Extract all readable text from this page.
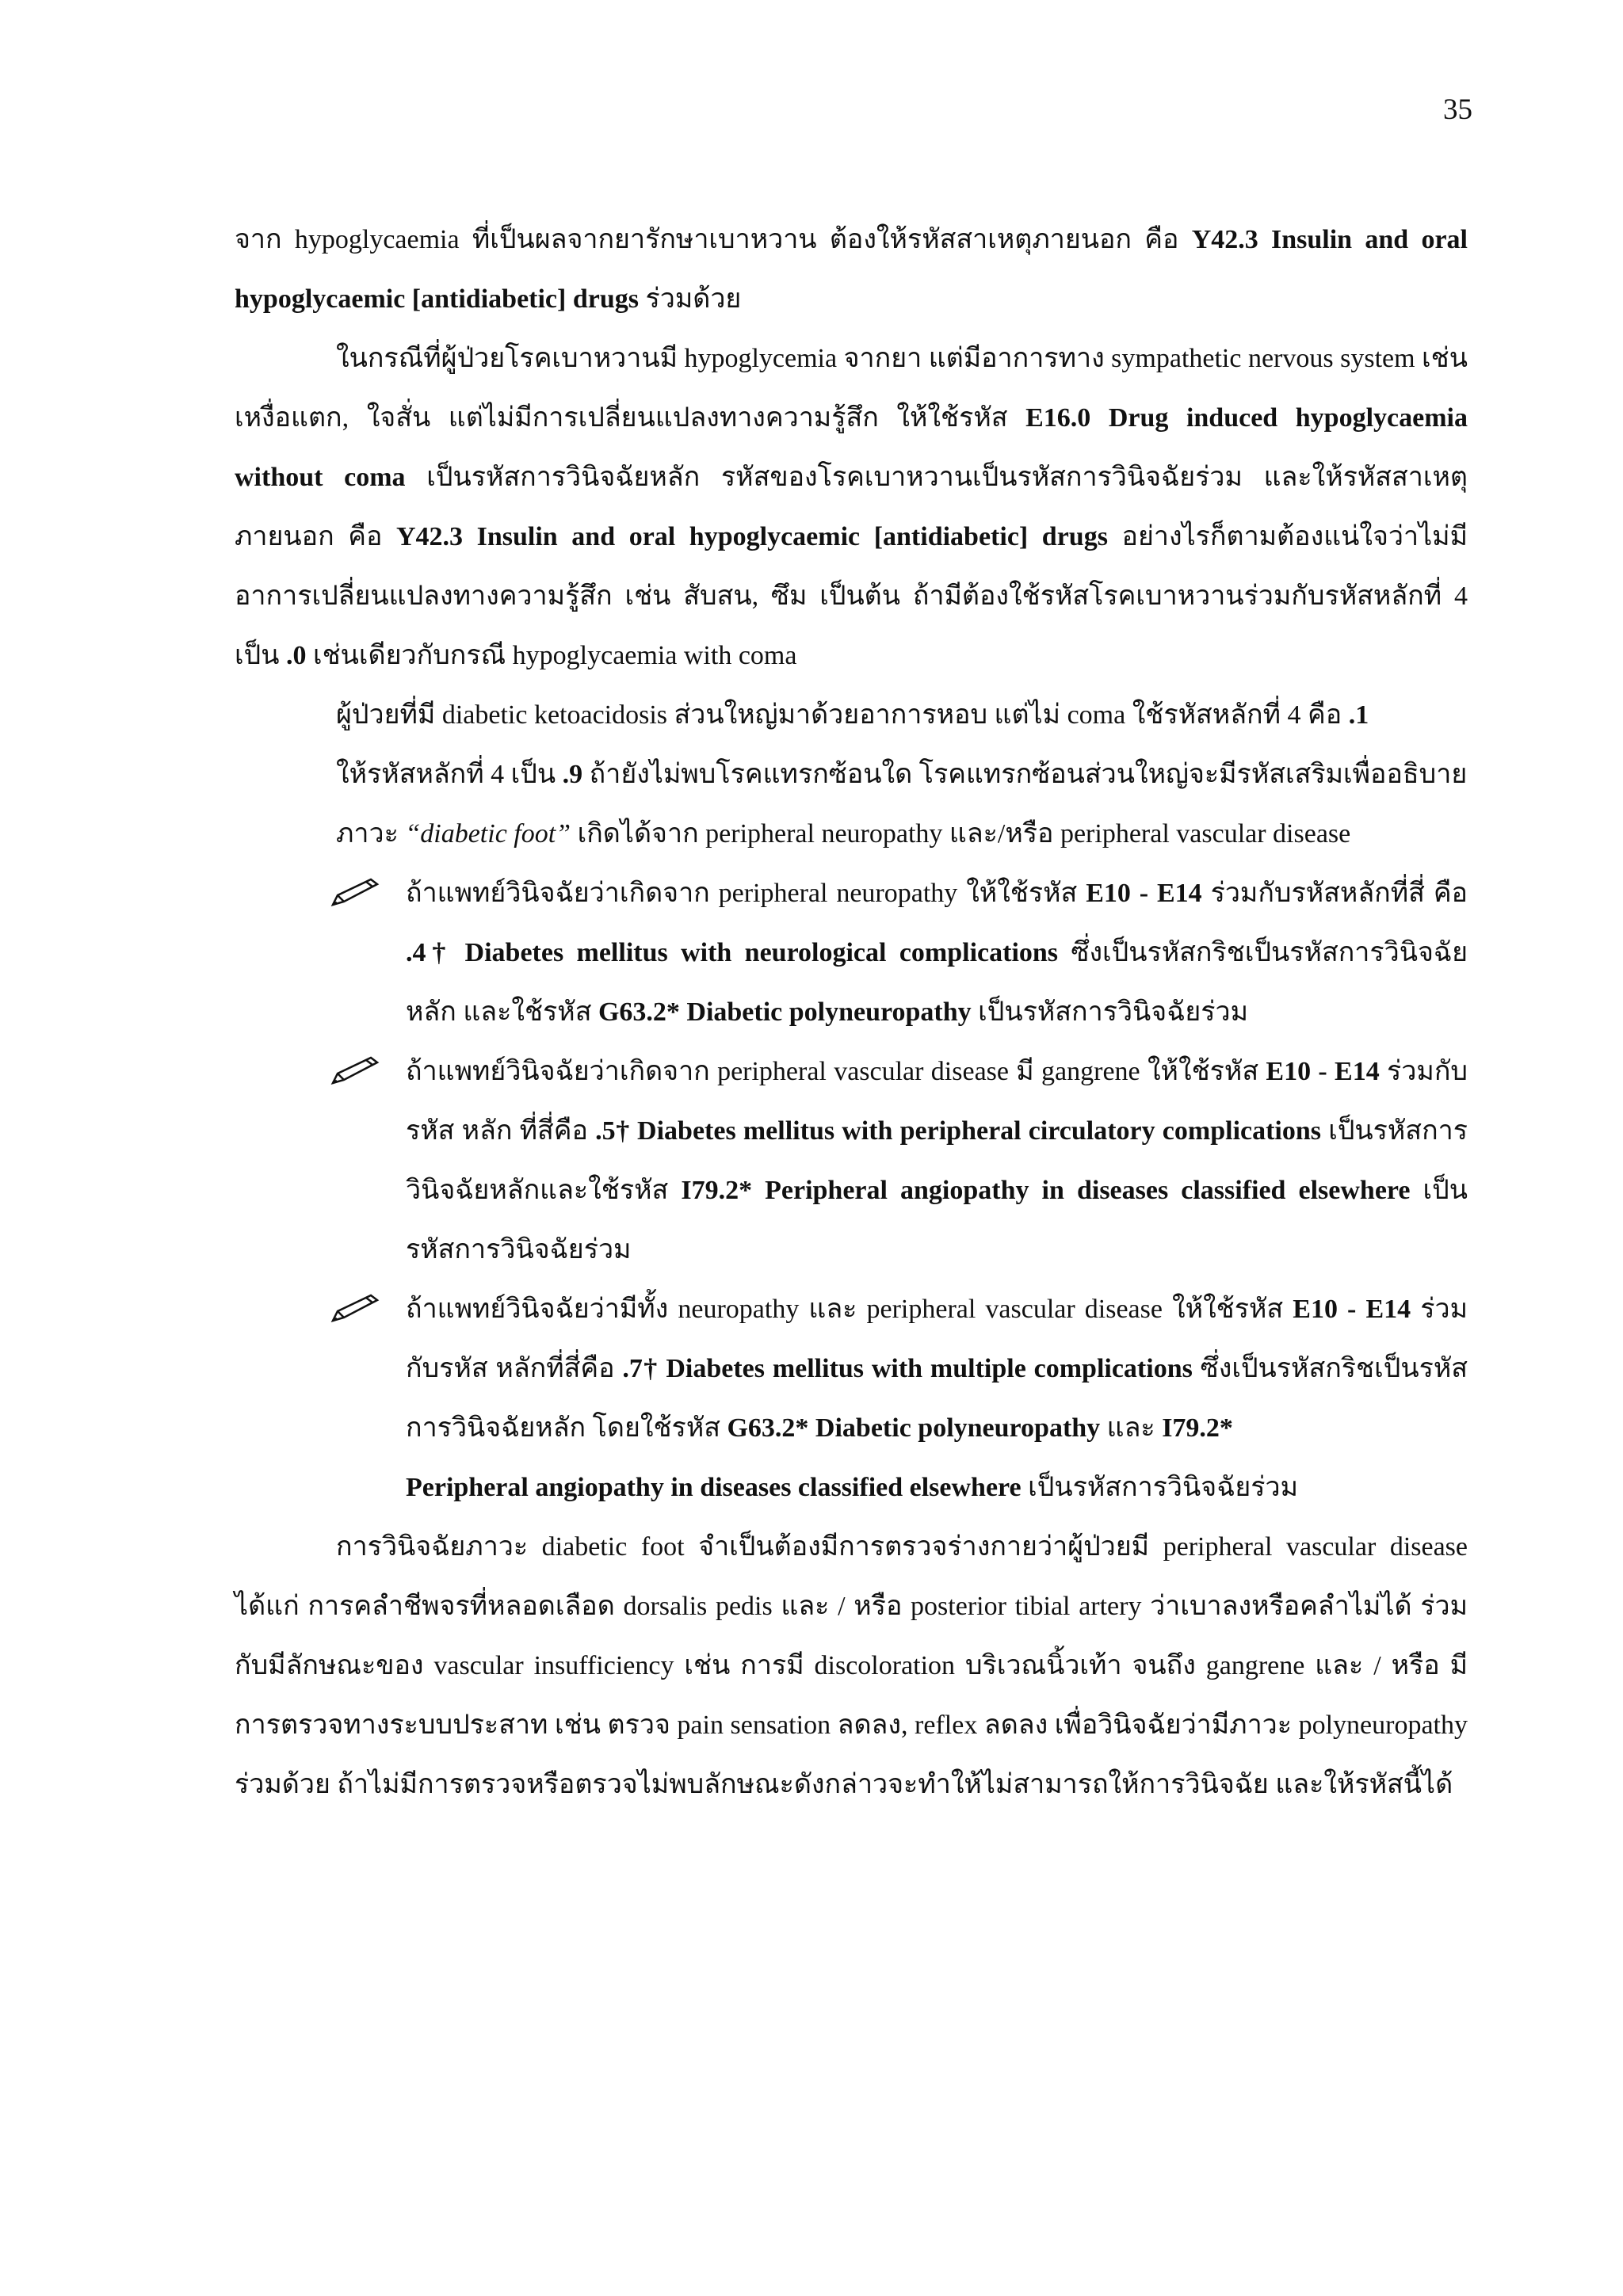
35

จาก hypoglycaemia ที่เป็นผลจากยารักษาเบาหวาน ต้องให้รหัสสาเหตุภายนอก คือ Y42.3 Insulin and oral hypoglycaemic [antidiabetic] drugs ร่วมด้วย

ในกรณีที่ผู้ป่วยโรคเบาหวานมี hypoglycemia จากยา แต่มีอาการทาง sympathetic nervous system เช่น เหงื่อแตก, ใจสั่น แต่ไม่มีการเปลี่ยนแปลงทางความรู้สึก ให้ใช้รหัส E16.0 Drug induced hypoglycaemia without coma เป็นรหัสการวินิจฉัยหลัก รหัสของโรคเบาหวานเป็นรหัสการวินิจฉัยร่วม และให้รหัสสาเหตุภายนอก คือ Y42.3 Insulin and oral hypoglycaemic [antidiabetic] drugs อย่างไรก็ตามต้องแน่ใจว่าไม่มีอาการเปลี่ยนแปลงทางความรู้สึก เช่น สับสน, ซึม เป็นต้น ถ้ามีต้องใช้รหัสโรคเบาหวานร่วมกับรหัสหลักที่ 4 เป็น .0 เช่นเดียวกับกรณี hypoglycaemia with coma

ผู้ป่วยที่มี diabetic ketoacidosis ส่วนใหญ่มาด้วยอาการหอบ แต่ไม่ coma ใช้รหัสหลักที่ 4 คือ .1

ให้รหัสหลักที่ 4 เป็น .9 ถ้ายังไม่พบโรคแทรกซ้อนใด โรคแทรกซ้อนส่วนใหญ่จะมีรหัสเสริมเพื่ออธิบาย

ภาวะ “diabetic foot” เกิดได้จาก peripheral neuropathy และ/หรือ peripheral vascular disease

ถ้าแพทย์วินิจฉัยว่าเกิดจาก peripheral neuropathy ให้ใช้รหัส E10 - E14 ร่วมกับรหัสหลักที่สี่ คือ .4† Diabetes mellitus with neurological complications ซึ่งเป็นรหัสกริชเป็นรหัสการวินิจฉัยหลัก และใช้รหัส G63.2* Diabetic polyneuropathy เป็นรหัสการวินิจฉัยร่วม

ถ้าแพทย์วินิจฉัยว่าเกิดจาก peripheral vascular disease มี gangrene ให้ใช้รหัส E10 - E14 ร่วมกับรหัส หลัก ที่สี่คือ .5† Diabetes mellitus with peripheral circulatory complications เป็นรหัสการวินิจฉัยหลักและใช้รหัส I79.2* Peripheral angiopathy in diseases classified elsewhere เป็นรหัสการวินิจฉัยร่วม

ถ้าแพทย์วินิจฉัยว่ามีทั้ง neuropathy และ peripheral vascular disease ให้ใช้รหัส E10 - E14 ร่วมกับรหัส หลักที่สี่คือ .7† Diabetes mellitus with multiple complications ซึ่งเป็นรหัสกริชเป็นรหัสการวินิจฉัยหลัก โดยใช้รหัส G63.2* Diabetic polyneuropathy และ I79.2*

Peripheral angiopathy in diseases classified elsewhere เป็นรหัสการวินิจฉัยร่วม

การวินิจฉัยภาวะ diabetic foot จำเป็นต้องมีการตรวจร่างกายว่าผู้ป่วยมี peripheral vascular disease ได้แก่ การคลำชีพจรที่หลอดเลือด dorsalis pedis และ / หรือ posterior tibial artery ว่าเบาลงหรือคลำไม่ได้ ร่วมกับมีลักษณะของ vascular insufficiency เช่น การมี discoloration บริเวณนิ้วเท้า จนถึง gangrene และ / หรือ มีการตรวจทางระบบประสาท เช่น ตรวจ pain sensation ลดลง, reflex ลดลง เพื่อวินิจฉัยว่ามีภาวะ polyneuropathy ร่วมด้วย ถ้าไม่มีการตรวจหรือตรวจไม่พบลักษณะดังกล่าวจะทำให้ไม่สามารถให้การวินิจฉัย และให้รหัสนี้ได้
